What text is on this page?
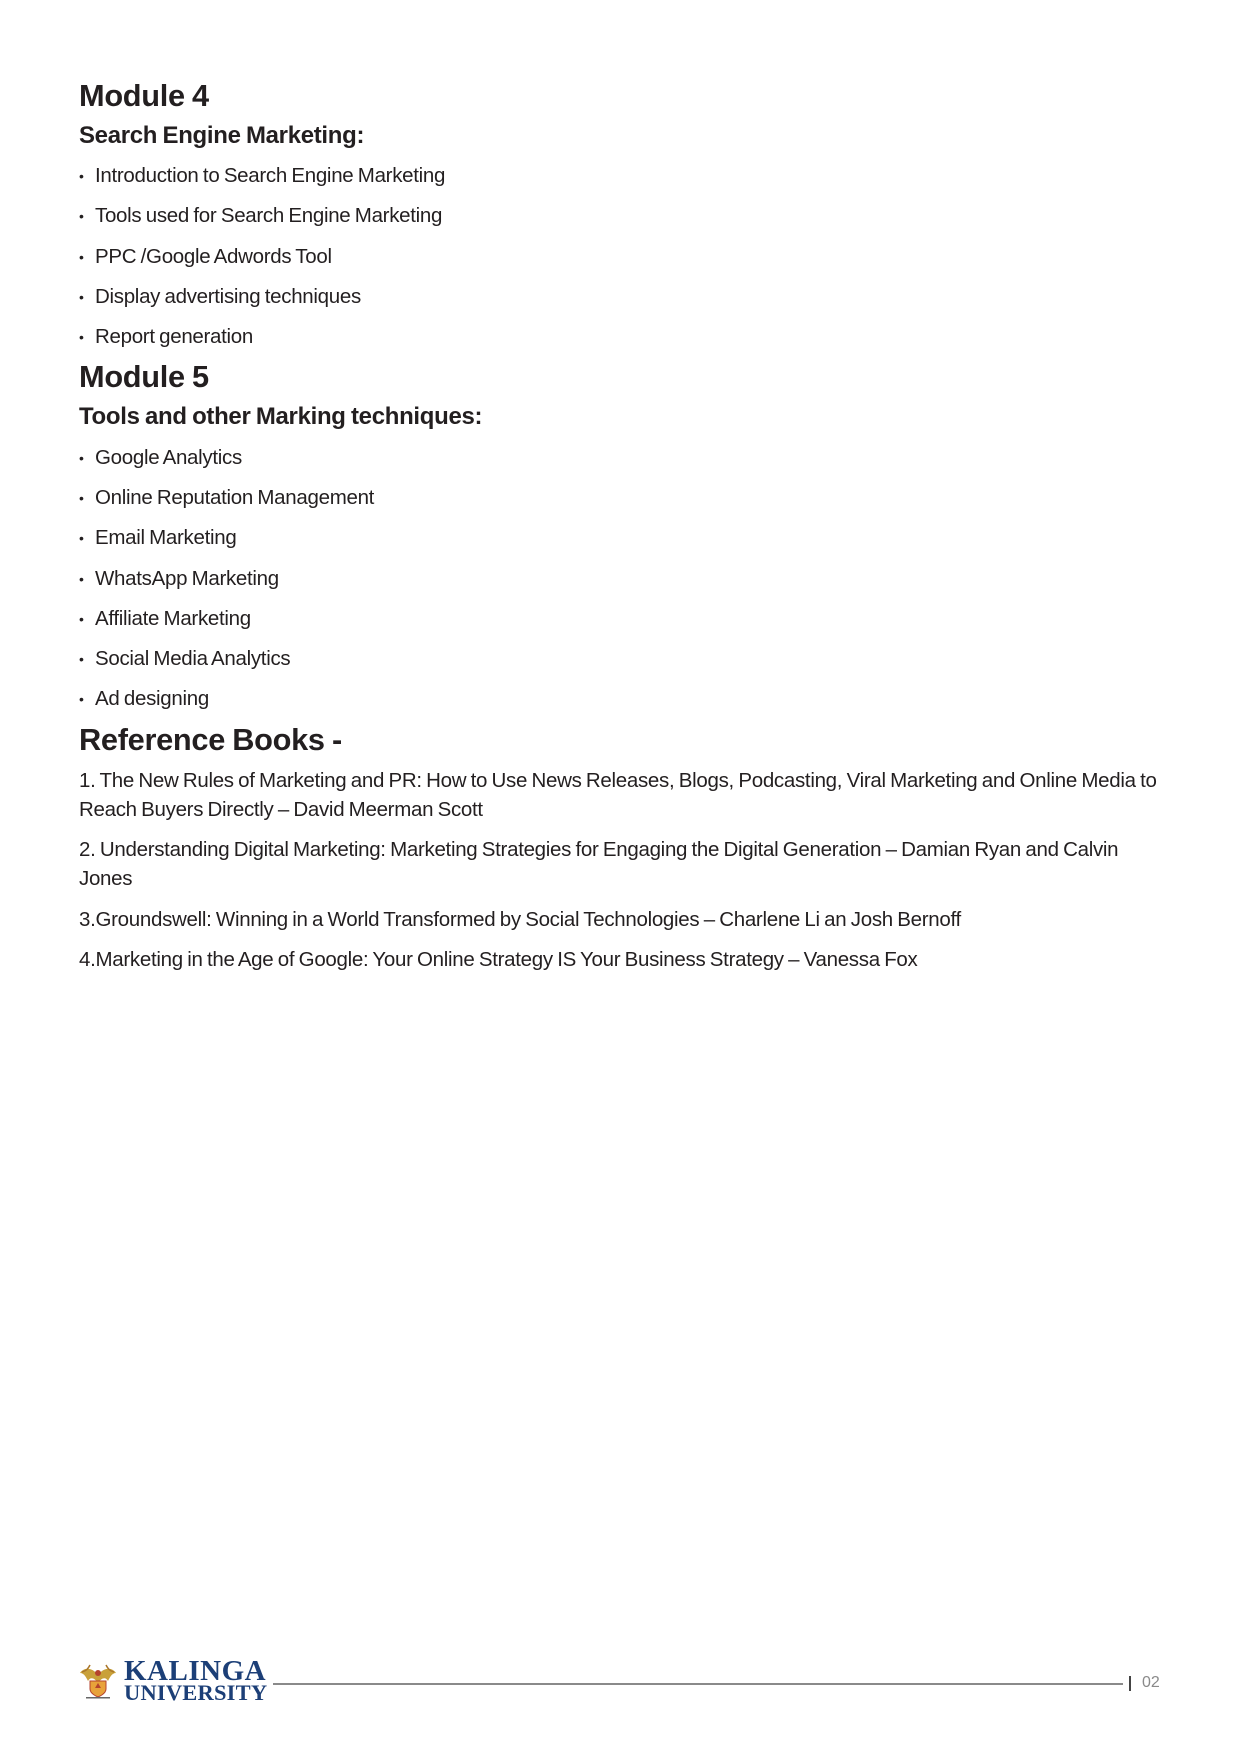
Module 4
Search Engine Marketing:
• Introduction to Search Engine Marketing
• Tools used for Search Engine Marketing
• PPC /Google Adwords Tool
• Display advertising techniques
• Report generation
Module 5
Tools and other Marking techniques:
• Google Analytics
• Online Reputation Management
• Email Marketing
• WhatsApp Marketing
• Affiliate Marketing
• Social Media Analytics
• Ad designing
Reference Books -
1. The New Rules of Marketing and PR: How to Use News Releases, Blogs, Podcasting, Viral Marketing and Online Media to Reach Buyers Directly – David Meerman Scott
2. Understanding Digital Marketing: Marketing Strategies for Engaging the Digital Generation – Damian Ryan and Calvin Jones
3.Groundswell: Winning in a World Transformed by Social Technologies – Charlene Li an Josh Bernoff
4.Marketing in the Age of Google: Your Online Strategy IS Your Business Strategy – Vanessa Fox
KALINGA
UNIVERSITY	02
